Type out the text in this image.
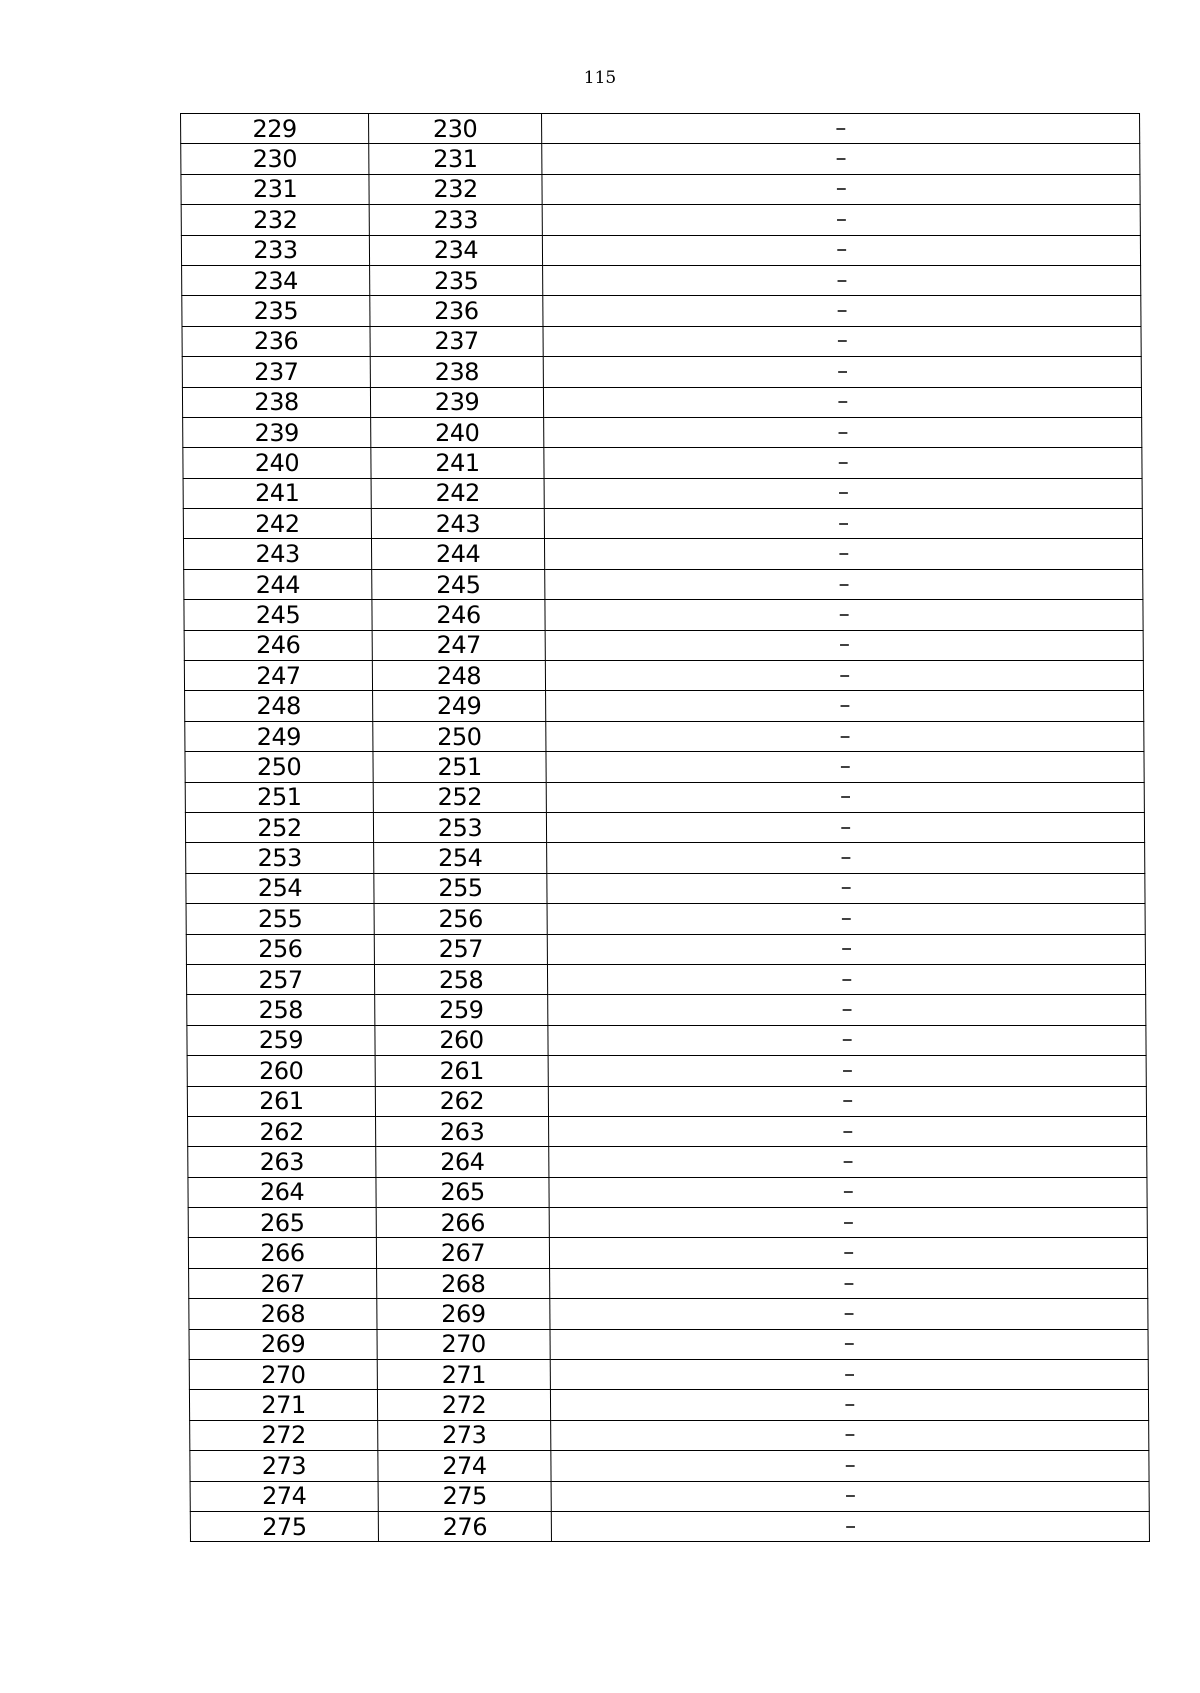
115
229	230	–
230	231	–
231	232	–
232	233	–
233	234	–
234	235	–
235	236	–
236	237	–
237	238	–
238	239	–
239	240	–
240	241	–
241	242	–
242	243	–
243	244	–
244	245	–
245	246	–
246	247	–
247	248	–
248	249	–
249	250	–
250	251	–
251	252	–
252	253	–
253	254	–
254	255	–
255	256	–
256	257	–
257	258	–
258	259	–
259	260	–
260	261	–
261	262	–
262	263	–
263	264	–
264	265	–
265	266	–
266	267	–
267	268	–
268	269	–
269	270	–
270	271	–
271	272	–
272	273	–
273	274	–
274	275	–
275	276	–
